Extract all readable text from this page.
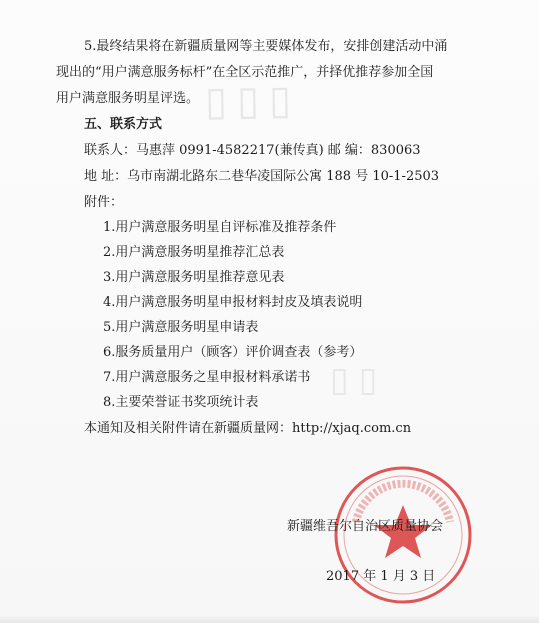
▯▯▯
▯▯
5.最终结果将在新疆质量网等主要媒体发布，安排创建活动中涌
现出的“用户满意服务标杆”在全区示范推广，并择优推荐参加全国
用户满意服务明星评选。
五、联系方式
联系人：马惠萍 0991-4582217(兼传真) 邮 编：830063
地 址：乌市南湖北路东二巷华凌国际公寓 188 号 10-1-2503
附件：
1.用户满意服务明星自评标准及推荐条件
2.用户满意服务明星推荐汇总表
3.用户满意服务明星推荐意见表
4.用户满意服务明星申报材料封皮及填表说明
5.用户满意服务明星申请表
6.服务质量用户（顾客）评价调查表（参考）
7.用户满意服务之星申报材料承诺书
8.主要荣誉证书奖项统计表
本通知及相关附件请在新疆质量网：http://xjaq.com.cn
新疆维吾尔自治区质量协会
2017 年 1 月 3 日
